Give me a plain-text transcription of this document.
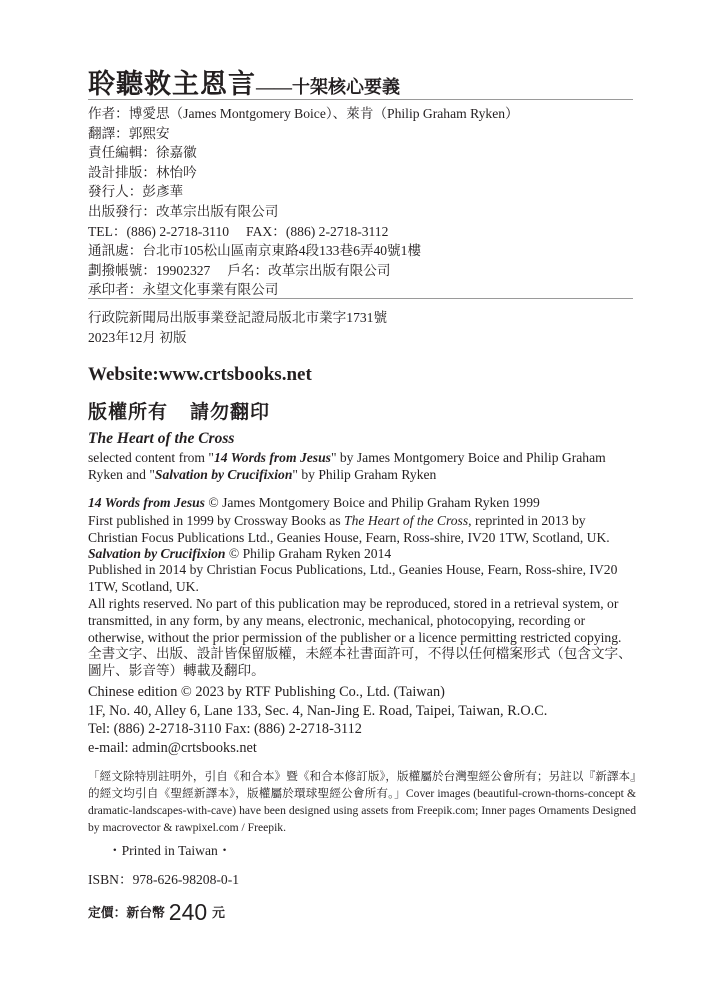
聆聽救主恩言——十架核心要義
作者：博愛思（James Montgomery Boice）、萊肯（Philip Graham Ryken）
翻譯：郭熙安
責任編輯：徐嘉徽
設計排版：林怡吟
發行人：彭彥華
出版發行：改革宗出版有限公司
TEL：(886) 2-2718-3110　 FAX：(886) 2-2718-3112
通訊處：台北市105松山區南京東路4段133巷6弄40號1樓
劃撥帳號：19902327　 戶名：改革宗出版有限公司
承印者：永望文化事業有限公司
行政院新聞局出版事業登記證局版北市業字1731號
2023年12月 初版
Website:www.crtsbooks.net
版權所有 請勿翻印
The Heart of the Cross
selected content from "14 Words from Jesus" by James Montgomery Boice and Philip Graham Ryken and "Salvation by Crucifixion" by Philip Graham Ryken
14 Words from Jesus © James Montgomery Boice and Philip Graham Ryken 1999
First published in 1999 by Crossway Books as The Heart of the Cross, reprinted in 2013 by Christian Focus Publications Ltd., Geanies House, Fearn, Ross-shire, IV20 1TW, Scotland, UK.
Salvation by Crucifixion © Philip Graham Ryken 2014
Published in 2014 by Christian Focus Publications, Ltd., Geanies House, Fearn, Ross-shire, IV20 1TW, Scotland, UK.
All rights reserved. No part of this publication may be reproduced, stored in a retrieval system, or transmitted, in any form, by any means, electronic, mechanical, photocopying, recording or otherwise, without the prior permission of the publisher or a licence permitting restricted copying.
全書文字、出版、設計皆保留版權，未經本社書面許可，不得以任何檔案形式（包含文字、圖片、影音等）轉載及翻印。
Chinese edition © 2023 by RTF Publishing Co., Ltd. (Taiwan)
1F, No. 40, Alley 6, Lane 133, Sec. 4, Nan-Jing E. Road, Taipei, Taiwan, R.O.C.
Tel: (886) 2-2718-3110 Fax: (886) 2-2718-3112
e-mail: admin@crtsbooks.net
「經文除特別註明外，引自《和合本》暨《和合本修訂版》，版權屬於台灣聖經公會所有；另註以『新譯本』的經文均引自《聖經新譯本》，版權屬於環球聖經公會所有。」Cover images (beautiful-crown-thorns-concept & dramatic-landscapes-with-cave) have been designed using assets from Freepik.com; Inner pages Ornaments Designed by macrovector & rawpixel.com / Freepik.
・Printed in Taiwan・
ISBN：978-626-98208-0-1
定價：新台幣 240 元
